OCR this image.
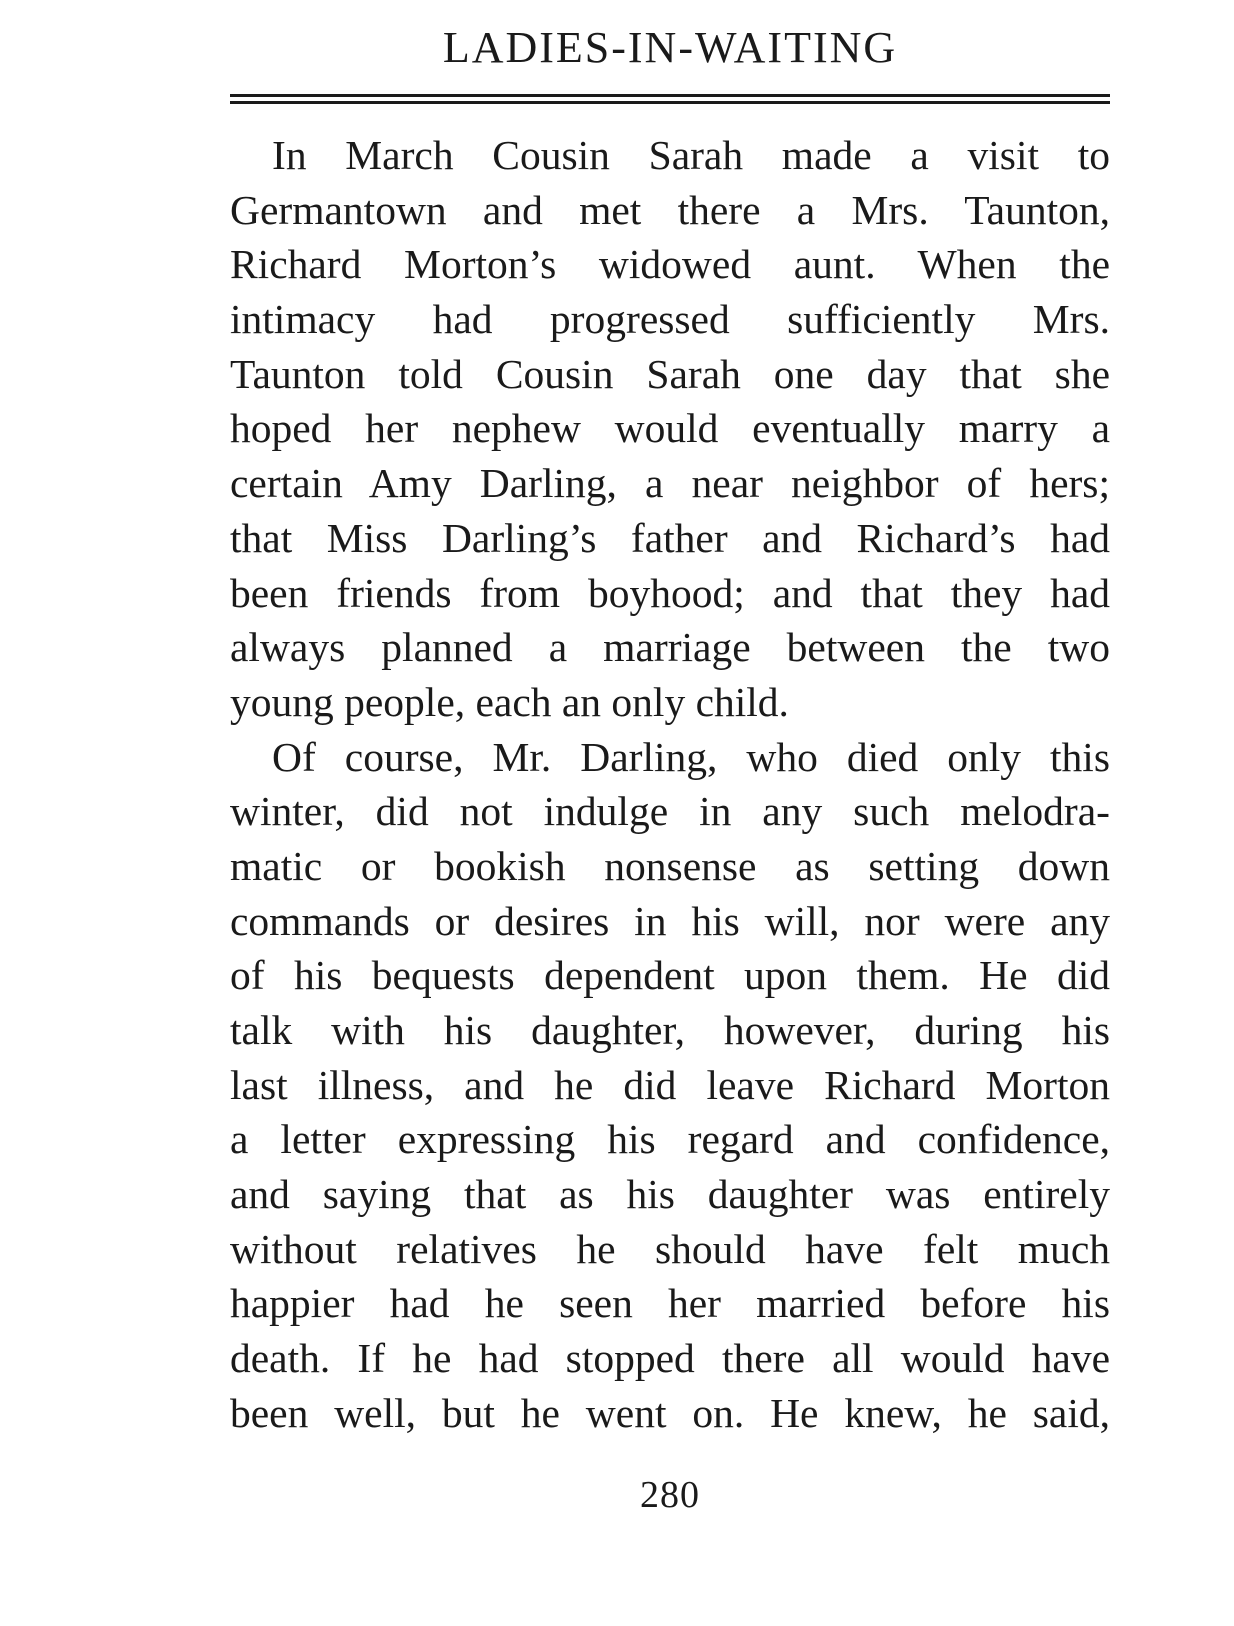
LADIES-IN-WAITING
In March Cousin Sarah made a visit to
Germantown and met there a Mrs. Taunton,
Richard Morton’s widowed aunt. When the
intimacy had progressed sufficiently Mrs.
Taunton told Cousin Sarah one day that she
hoped her nephew would eventually marry a
certain Amy Darling, a near neighbor of hers;
that Miss Darling’s father and Richard’s had
been friends from boyhood; and that they had
always planned a marriage between the two
young people, each an only child.
Of course, Mr. Darling, who died only this
winter, did not indulge in any such melodra-
matic or bookish nonsense as setting down
commands or desires in his will, nor were any
of his bequests dependent upon them. He did
talk with his daughter, however, during his
last illness, and he did leave Richard Morton
a letter expressing his regard and confidence,
and saying that as his daughter was entirely
without relatives he should have felt much
happier had he seen her married before his
death. If he had stopped there all would have
been well, but he went on. He knew, he said,
280
